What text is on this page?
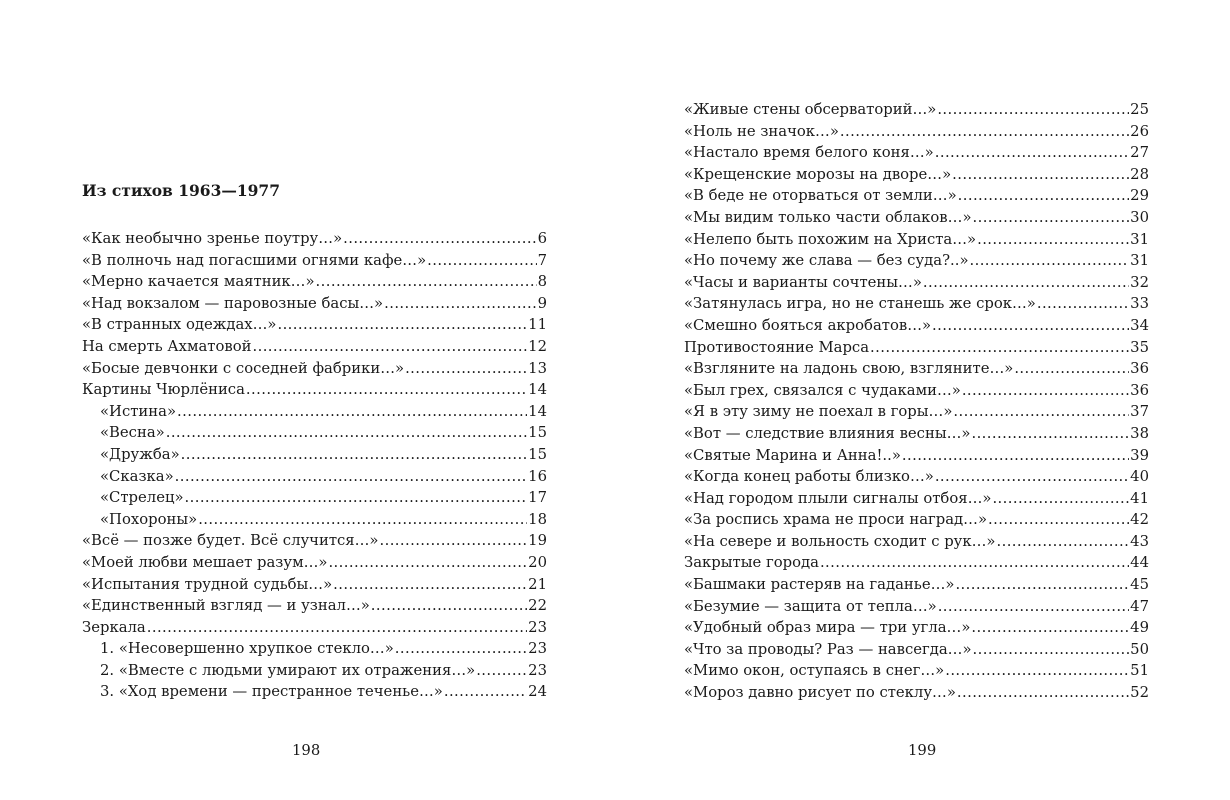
Из стихов 1963—1977
«Как необычно зренье поутру…» .....	6
«В полночь над погасшими огнями кафе…» .....	7
«Мерно качается маятник…» .....	8
«Над вокзалом — паровозные басы…» .....	9
«В странных одеждах…» .....	11
На смерть Ахматовой .....	12
«Босые девчонки с соседней фабрики…» .....	13
Картины Чюрлёниса .....	14
«Истина» .....	14
«Весна» .....	15
«Дружба» .....	15
«Сказка» .....	16
«Стрелец» .....	17
«Похороны» .....	18
«Всё — позже будет. Всё случится…» .....	19
«Моей любви мешает разум…» .....	20
«Испытания трудной судьбы…» .....	21
«Единственный взгляд — и узнал…» .....	22
Зеркала .....	23
1. «Несовершенно хрупкое стекло…» .....	23
2. «Вместе с людьми умирают их отражения…» .....	23
3. «Ход времени — престранное теченье…» .....	24
198
«Живые стены обсерваторий…» .....	25
«Ноль не значок…» .....	26
«Настало время белого коня…» .....	27
«Крещенские морозы на дворе…» .....	28
«В беде не оторваться от земли…» .....	29
«Мы видим только части облаков…» .....	30
«Нелепо быть похожим на Христа…» .....	31
«Но почему же слава — без суда?..» .....	31
«Часы и варианты сочтены…» .....	32
«Затянулась игра, но не станешь же срок…» .....	33
«Смешно бояться акробатов…» .....	34
Противостояние Марса .....	35
«Взгляните на ладонь свою, взгляните…» .....	36
«Был грех, связался с чудаками…» .....	36
«Я в эту зиму не поехал в горы…» .....	37
«Вот — следствие влияния весны…» .....	38
«Святые Марина и Анна!..» .....	39
«Когда конец работы близко…» .....	40
«Над городом плыли сигналы отбоя…» .....	41
«За роспись храма не проси наград…» .....	42
«На севере и вольность сходит с рук…» .....	43
Закрытые города .....	44
«Башмаки растеряв на гаданье…» .....	45
«Безумие — защита от тепла…» .....	47
«Удобный образ мира — три угла…» .....	49
«Что за проводы? Раз — навсегда…» .....	50
«Мимо окон, оступаясь в снег…» .....	51
«Мороз давно рисует по стеклу…» .....	52
199
